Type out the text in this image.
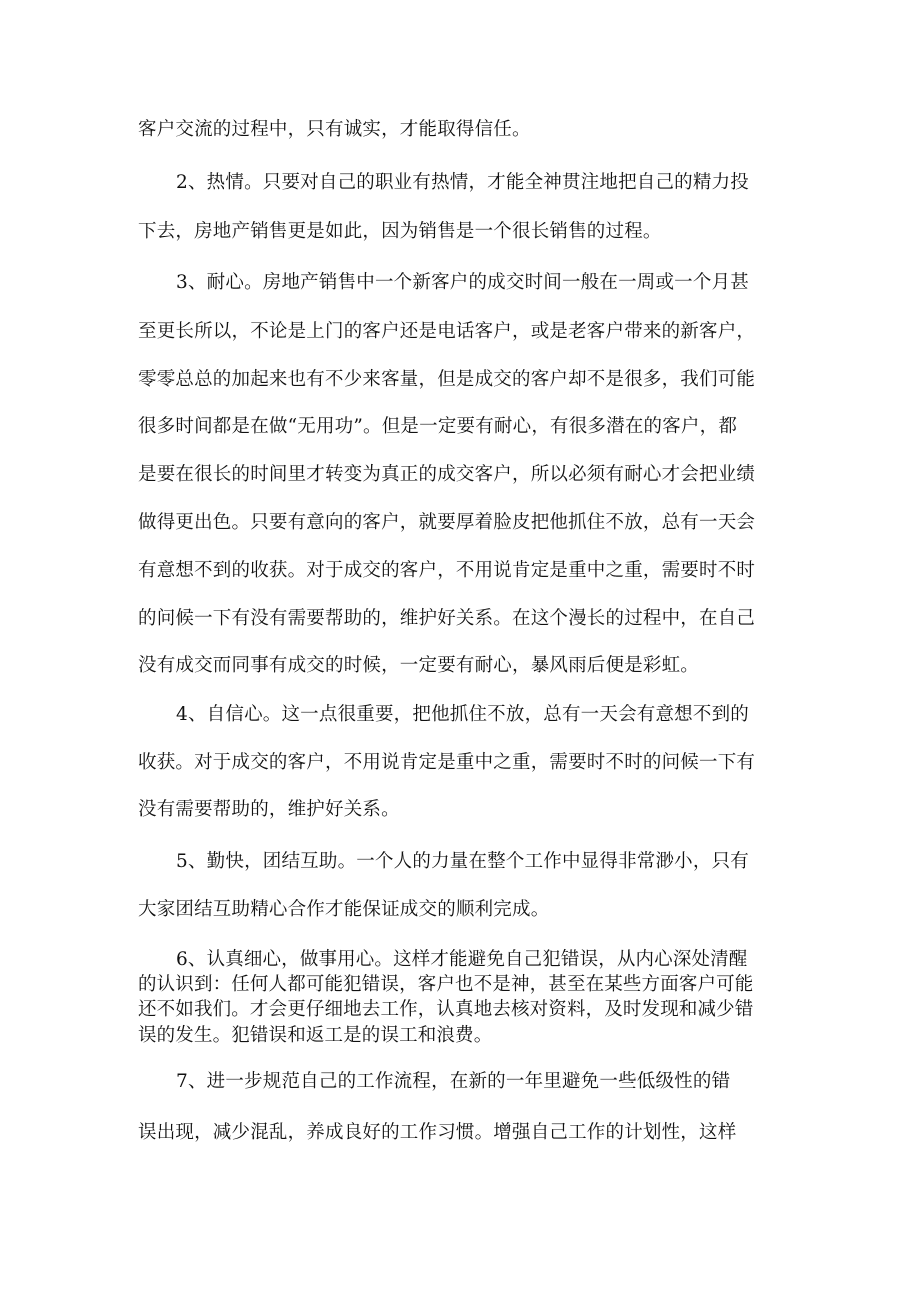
客户交流的过程中，只有诚实，才能取得信任。
2、热情。只要对自己的职业有热情，才能全神贯注地把自己的精力投
下去，房地产销售更是如此，因为销售是一个很长销售的过程。
3、耐心。房地产销售中一个新客户的成交时间一般在一周或一个月甚
至更长所以，不论是上门的客户还是电话客户，或是老客户带来的新客户，
零零总总的加起来也有不少来客量，但是成交的客户却不是很多，我们可能
很多时间都是在做“无用功”。但是一定要有耐心，有很多潜在的客户，都
是要在很长的时间里才转变为真正的成交客户，所以必须有耐心才会把业绩
做得更出色。只要有意向的客户，就要厚着脸皮把他抓住不放，总有一天会
有意想不到的收获。对于成交的客户，不用说肯定是重中之重，需要时不时
的问候一下有没有需要帮助的，维护好关系。在这个漫长的过程中，在自己
没有成交而同事有成交的时候，一定要有耐心，暴风雨后便是彩虹。
4、自信心。这一点很重要，把他抓住不放，总有一天会有意想不到的
收获。对于成交的客户，不用说肯定是重中之重，需要时不时的问候一下有
没有需要帮助的，维护好关系。
5、勤快，团结互助。一个人的力量在整个工作中显得非常渺小，只有
大家团结互助精心合作才能保证成交的顺利完成。
6、认真细心，做事用心。这样才能避免自己犯错误，从内心深处清醒
的认识到：任何人都可能犯错误，客户也不是神，甚至在某些方面客户可能
还不如我们。才会更仔细地去工作，认真地去核对资料，及时发现和减少错
误的发生。犯错误和返工是的误工和浪费。
7、进一步规范自己的工作流程，在新的一年里避免一些低级性的错
误出现，减少混乱，养成良好的工作习惯。增强自己工作的计划性，这样
